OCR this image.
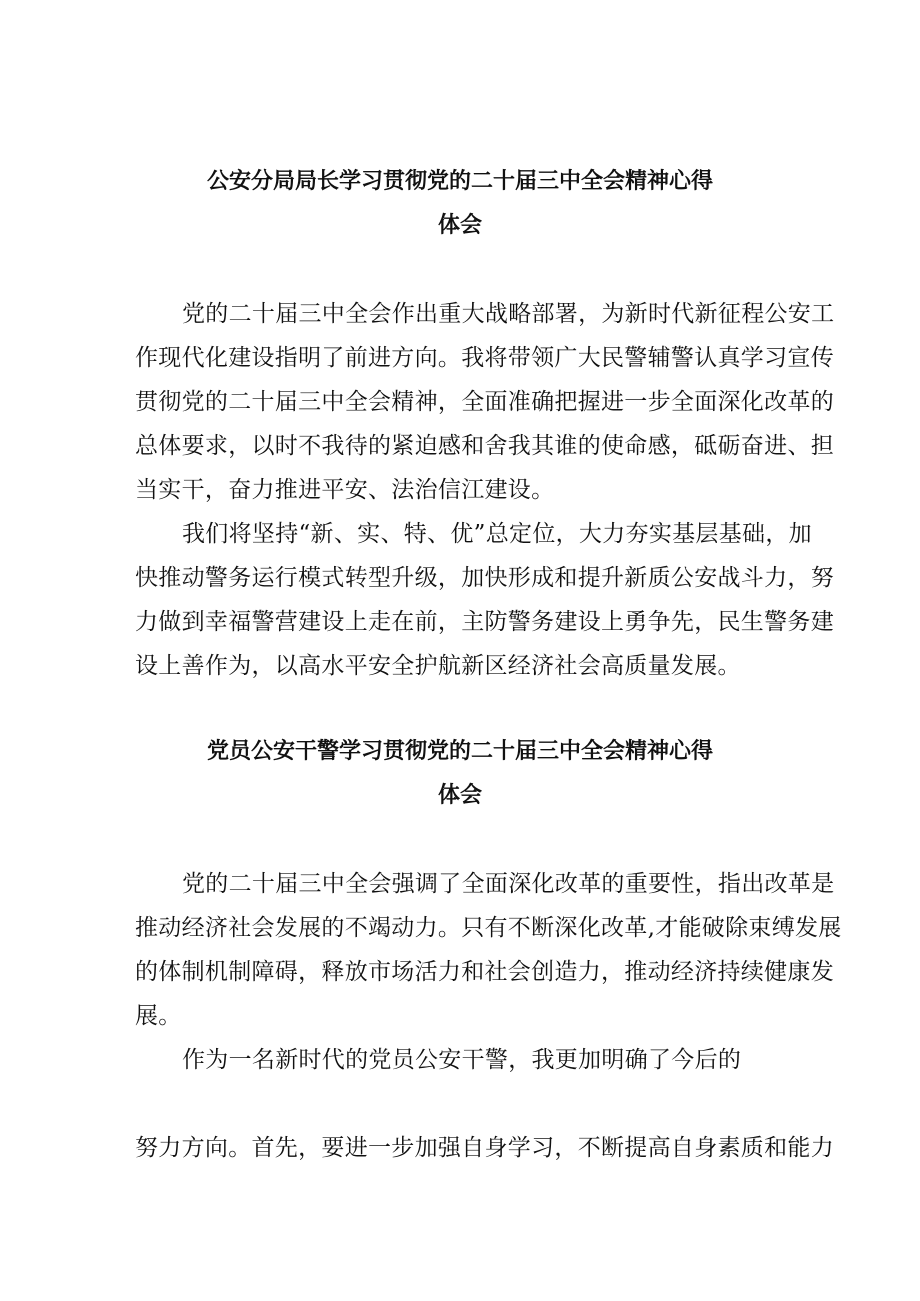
公安分局局长学习贯彻党的二十届三中全会精神心得
体会
党的二十届三中全会作出重大战略部署，为新时代新征程公安工
作现代化建设指明了前进方向。我将带领广大民警辅警认真学习宣传
贯彻党的二十届三中全会精神，全面准确把握进一步全面深化改革的
总体要求，以时不我待的紧迫感和舍我其谁的使命感，砥砺奋进、担
当实干，奋力推进平安、法治信江建设。
我们将坚持“新、实、特、优”总定位，大力夯实基层基础，加
快推动警务运行模式转型升级，加快形成和提升新质公安战斗力，努
力做到幸福警营建设上走在前，主防警务建设上勇争先，民生警务建
设上善作为，以高水平安全护航新区经济社会高质量发展。
党员公安干警学习贯彻党的二十届三中全会精神心得
体会
党的二十届三中全会强调了全面深化改革的重要性，指出改革是
推动经济社会发展的不竭动力。只有不断深化改革,才能破除束缚发展
的体制机制障碍，释放市场活力和社会创造力，推动经济持续健康发
展。
作为一名新时代的党员公安干警，我更加明确了今后的
努力方向。首先，要进一步加强自身学习，不断提高自身素质和能力
